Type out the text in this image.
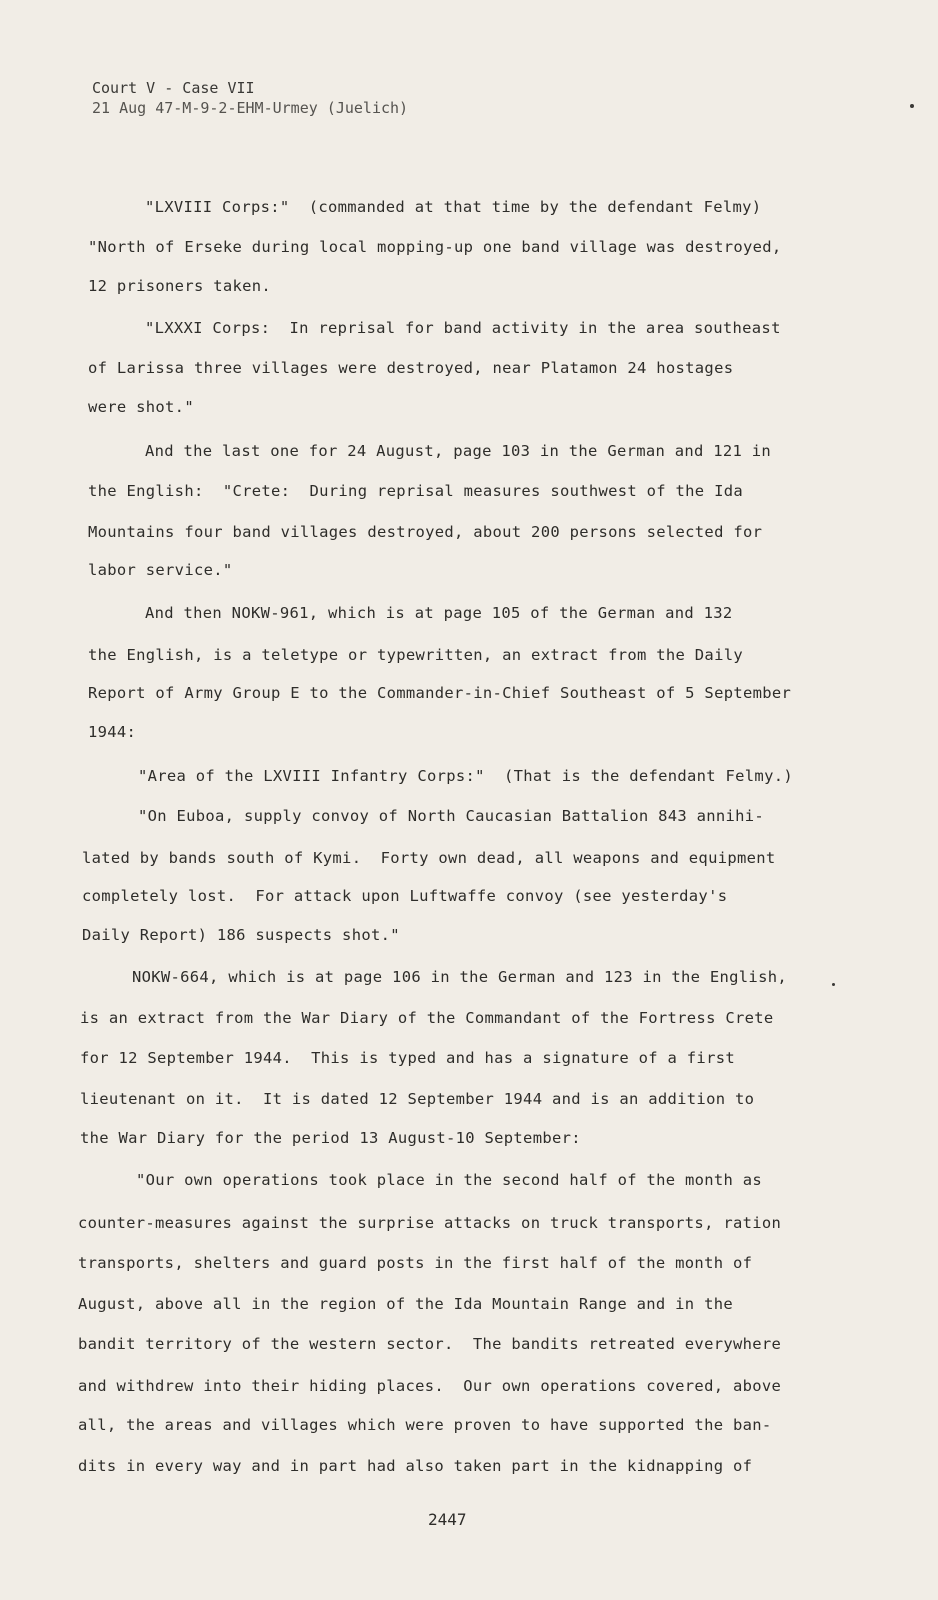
Court V - Case VII
21 Aug 47-M-9-2-EHM-Urmey (Juelich)
"LXVIII Corps:"  (commanded at that time by the defendant Felmy)
"North of Erseke during local mopping-up one band village was destroyed,
12 prisoners taken.
"LXXXI Corps:  In reprisal for band activity in the area southeast
of Larissa three villages were destroyed, near Platamon 24 hostages
were shot."
And the last one for 24 August, page 103 in the German and 121 in
the English:  "Crete:  During reprisal measures southwest of the Ida
Mountains four band villages destroyed, about 200 persons selected for
labor service."
And then NOKW-961, which is at page 105 of the German and 132
the English, is a teletype or typewritten, an extract from the Daily
Report of Army Group E to the Commander-in-Chief Southeast of 5 September
1944:
"Area of the LXVIII Infantry Corps:"  (That is the defendant Felmy.)
"On Euboa, supply convoy of North Caucasian Battalion 843 annihi-
lated by bands south of Kymi.  Forty own dead, all weapons and equipment
completely lost.  For attack upon Luftwaffe convoy (see yesterday's
Daily Report) 186 suspects shot."
NOKW-664, which is at page 106 in the German and 123 in the English,
is an extract from the War Diary of the Commandant of the Fortress Crete
for 12 September 1944.  This is typed and has a signature of a first
lieutenant on it.  It is dated 12 September 1944 and is an addition to
the War Diary for the period 13 August-10 September:
"Our own operations took place in the second half of the month as
counter-measures against the surprise attacks on truck transports, ration
transports, shelters and guard posts in the first half of the month of
August, above all in the region of the Ida Mountain Range and in the
bandit territory of the western sector.  The bandits retreated everywhere
and withdrew into their hiding places.  Our own operations covered, above
all, the areas and villages which were proven to have supported the ban-
dits in every way and in part had also taken part in the kidnapping of
2447
